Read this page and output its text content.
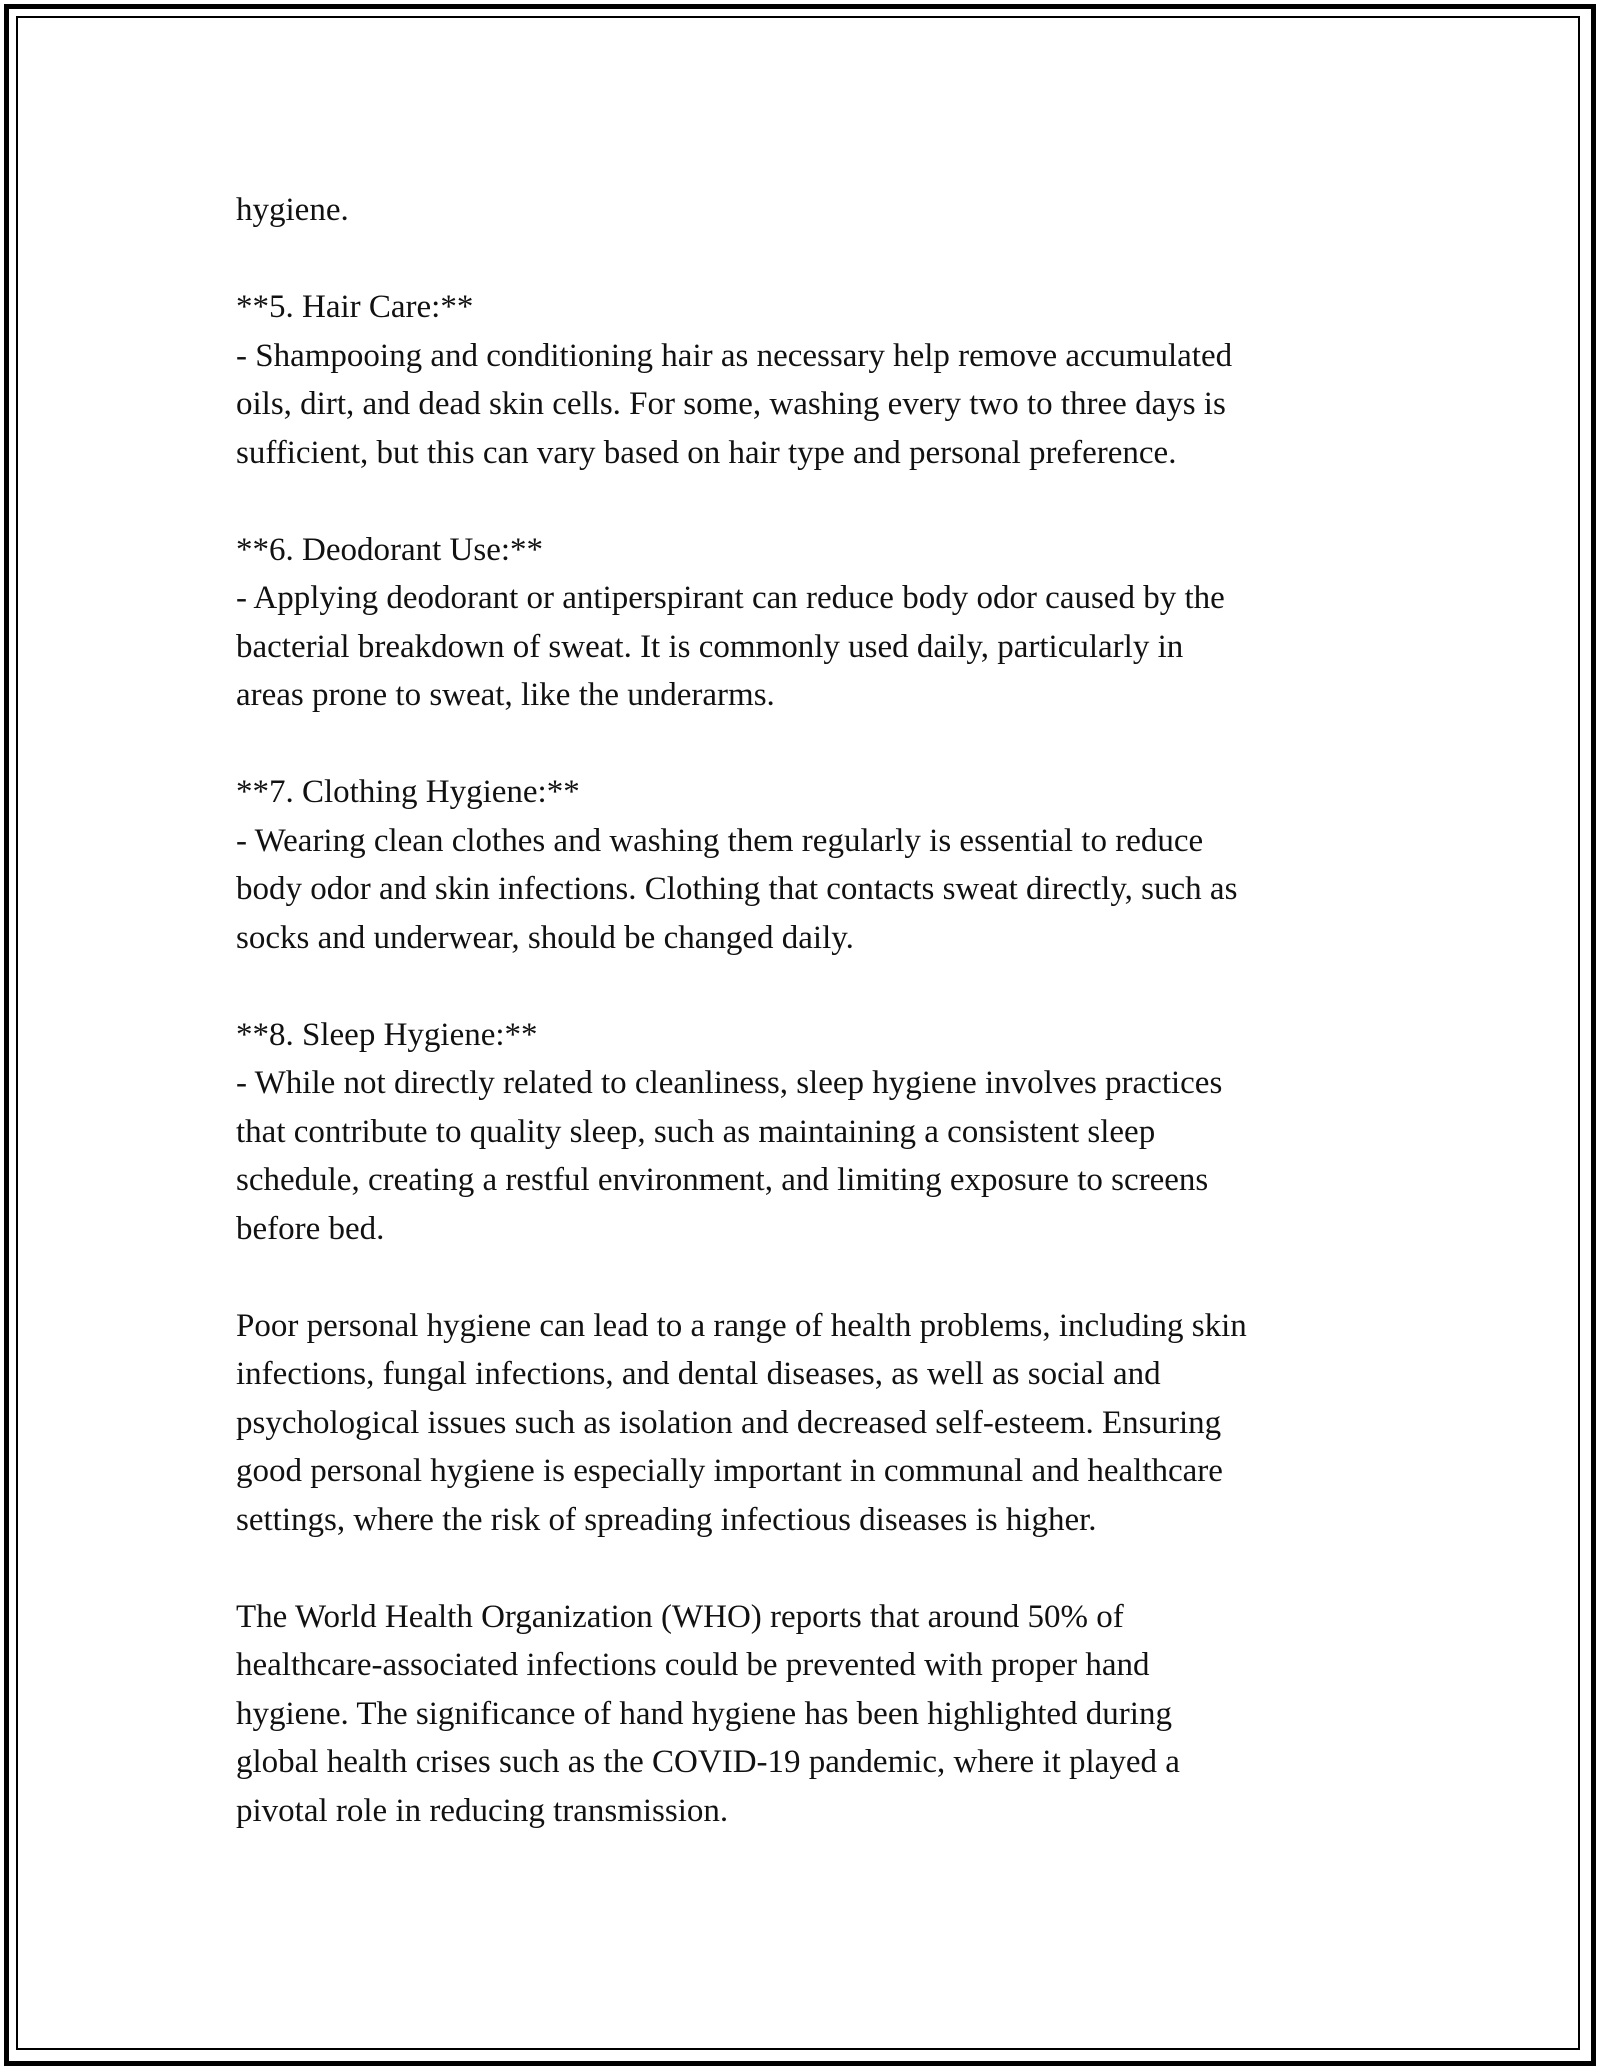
hygiene.

**5. Hair Care:**
- Shampooing and conditioning hair as necessary help remove accumulated
oils, dirt, and dead skin cells. For some, washing every two to three days is
sufficient, but this can vary based on hair type and personal preference.
**6. Deodorant Use:**
- Applying deodorant or antiperspirant can reduce body odor caused by the
bacterial breakdown of sweat. It is commonly used daily, particularly in
areas prone to sweat, like the underarms.
**7. Clothing Hygiene:**
- Wearing clean clothes and washing them regularly is essential to reduce
body odor and skin infections. Clothing that contacts sweat directly, such as
socks and underwear, should be changed daily.
**8. Sleep Hygiene:**
- While not directly related to cleanliness, sleep hygiene involves practices
that contribute to quality sleep, such as maintaining a consistent sleep
schedule, creating a restful environment, and limiting exposure to screens
before bed.

Poor personal hygiene can lead to a range of health problems, including skin
infections, fungal infections, and dental diseases, as well as social and
psychological issues such as isolation and decreased self-esteem. Ensuring
good personal hygiene is especially important in communal and healthcare
settings, where the risk of spreading infectious diseases is higher.

The World Health Organization (WHO) reports that around 50% of
healthcare-associated infections could be prevented with proper hand
hygiene. The significance of hand hygiene has been highlighted during
global health crises such as the COVID-19 pandemic, where it played a
pivotal role in reducing transmission.
